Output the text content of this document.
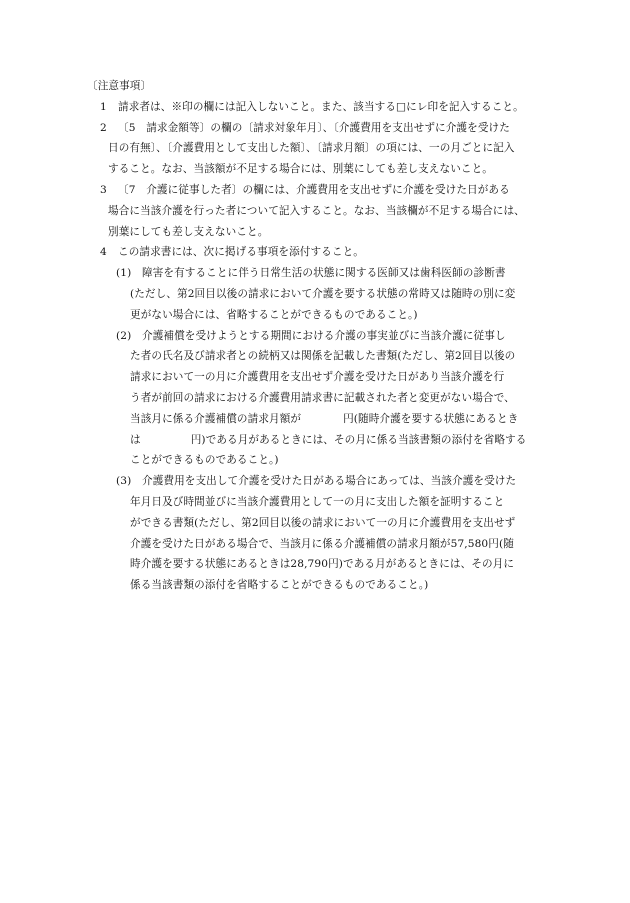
〔注意事項〕
1 請求者は、※印の欄には記入しないこと。また、該当する□にレ印を記入すること。
2 〔5　請求金額等〕の欄の〔請求対象年月〕、〔介護費用を支出せずに介護を受けた
日の有無〕、〔介護費用として支出した額〕、〔請求月額〕の項には、一の月ごとに記入
すること。なお、当該額が不足する場合には、別葉にしても差し支えないこと。
3 〔7　介護に従事した者〕の欄には、介護費用を支出せずに介護を受けた日がある
場合に当該介護を行った者について記入すること。なお、当該欄が不足する場合には、
別葉にしても差し支えないこと。
4 この請求書には、次に掲げる事項を添付すること。
(1) 障害を有することに伴う日常生活の状態に関する医師又は歯科医師の診断書
(ただし、第2回目以後の請求において介護を要する状態の常時又は随時の別に変
更がない場合には、省略することができるものであること。)
(2) 介護補償を受けようとする期間における介護の事実並びに当該介護に従事し
た者の氏名及び請求者との続柄又は関係を記載した書類(ただし、第2回目以後の
請求において一の月に介護費用を支出せず介護を受けた日があり当該介護を行
う者が前回の請求における介護費用請求書に記載された者と変更がない場合で、
当該月に係る介護補償の請求月額が	円(随時介護を要する状態にあるとき
は	円)である月があるときには、その月に係る当該書類の添付を省略する
ことができるものであること。)
(3) 介護費用を支出して介護を受けた日がある場合にあっては、当該介護を受けた
年月日及び時間並びに当該介護費用として一の月に支出した額を証明すること
ができる書類(ただし、第2回目以後の請求において一の月に介護費用を支出せず
介護を受けた日がある場合で、当該月に係る介護補償の請求月額が57,580円(随
時介護を要する状態にあるときは28,790円)である月があるときには、その月に
係る当該書類の添付を省略することができるものであること。)
